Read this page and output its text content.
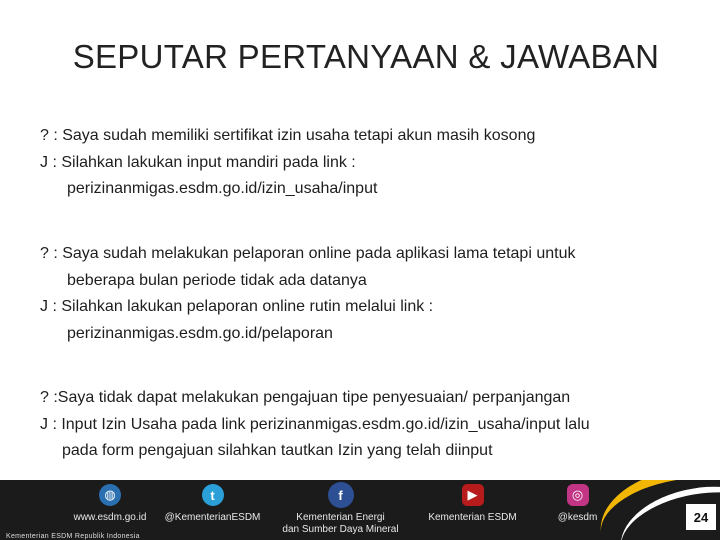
SEPUTAR PERTANYAAN & JAWABAN
? : Saya sudah memiliki sertifikat izin usaha tetapi akun masih kosong
J : Silahkan lakukan input mandiri pada link :
perizinanmigas.esdm.go.id/izin_usaha/input
? : Saya sudah melakukan pelaporan online pada aplikasi lama tetapi untuk
beberapa bulan periode tidak ada datanya
J : Silahkan lakukan pelaporan online rutin melalui link :
perizinanmigas.esdm.go.id/pelaporan
? :Saya tidak dapat melakukan pengajuan tipe penyesuaian/ perpanjangan
J : Input Izin Usaha pada link perizinanmigas.esdm.go.id/izin_usaha/input lalu
pada form pengajuan silahkan tautkan Izin yang telah diinput
◍
www.esdm.go.id
t
@KementerianESDM
f
Kementerian Energi
dan Sumber Daya Mineral
▶
Kementerian ESDM
◎
@kesdm
Kementerian ESDM Republik Indonesia
24
